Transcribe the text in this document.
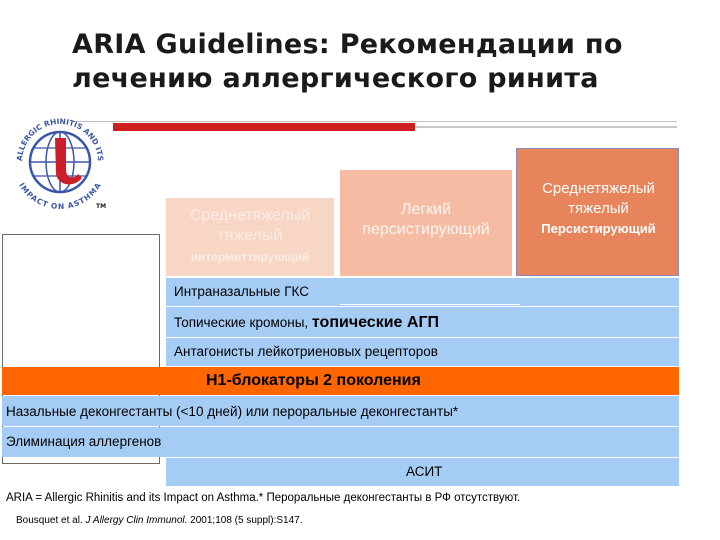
ARIA Guidelines: Рекомендации по
лечению аллергического ринита
ALLERGIC RHINITIS AND ITS
IMPACT ON ASTHMA
TM
Среднетяжелый тяжелый
интермиттирующий
Легкий персистирующий
Среднетяжелый тяжелый
Персистирующий
Интраназальные ГКС
Топические кромоны, топические АГП
Антагонисты лейкотриеновых рецепторов
H1-блокаторы 2 поколения
Назальные деконгестанты (<10 дней) или пероральные деконгестанты*
Элиминация аллергенов
АСИТ
ARIA = Allergic Rhinitis and its Impact on Asthma.* Пероральные деконгестанты в РФ отсутствуют.
Bousquet et al. J Allergy Clin Immunol. 2001;108 (5 suppl):S147.
